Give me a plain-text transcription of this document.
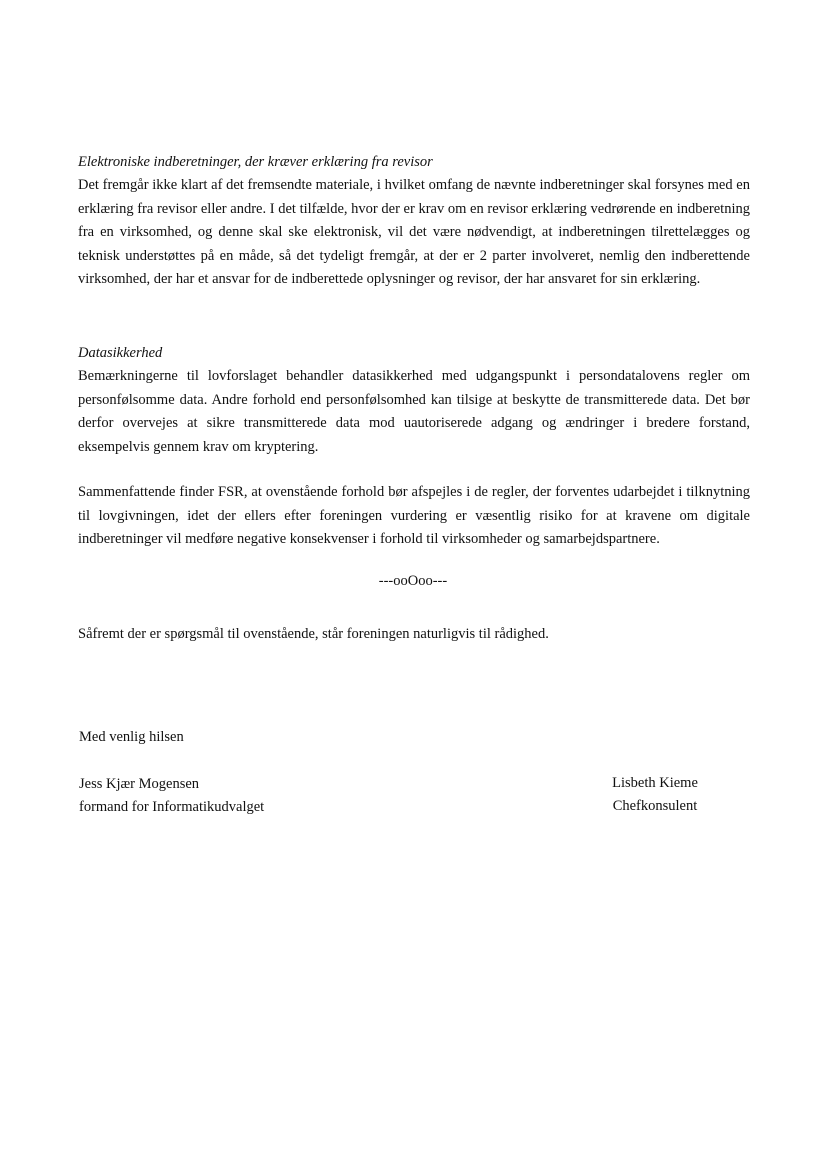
Elektroniske indberetninger, der kræver erklæring fra revisor

Det fremgår ikke klart af det fremsendte materiale, i hvilket omfang de nævnte indberetninger skal forsynes med en erklæring fra revisor eller andre. I det tilfælde, hvor der er krav om en revisor erklæring vedrørende en indberetning fra en virksomhed, og denne skal ske elektronisk, vil det være nødvendigt, at indberetningen tilrettelægges og teknisk understøttes på en måde, så det tydeligt fremgår, at der er 2 parter involveret, nemlig den indberettende virksomhed, der har et ansvar for de indberettede oplysninger og revisor, der har ansvaret for sin erklæring.

Datasikkerhed

Bemærkningerne til lovforslaget behandler datasikkerhed med udgangspunkt i persondatalovens regler om personfølsomme data. Andre forhold end personfølsomhed kan tilsige at beskytte de transmitterede data. Det bør derfor overvejes at sikre transmitterede data mod uautoriserede adgang og ændringer i bredere forstand, eksempelvis gennem krav om kryptering.

Sammenfattende finder FSR, at ovenstående forhold bør afspejles i de regler, der forventes udarbejdet i tilknytning til lovgivningen, idet der ellers efter foreningen vurdering er væsentlig risiko for at kravene om digitale indberetninger vil medføre negative konsekvenser i forhold til virksomheder og samarbejdspartnere.

---ooOoo---
Såfremt der er spørgsmål til ovenstående, står foreningen naturligvis til rådighed.
Med venlig hilsen
Jess Kjær Mogensen
formand for Informatikudvalget
Lisbeth Kieme
Chefkonsulent
